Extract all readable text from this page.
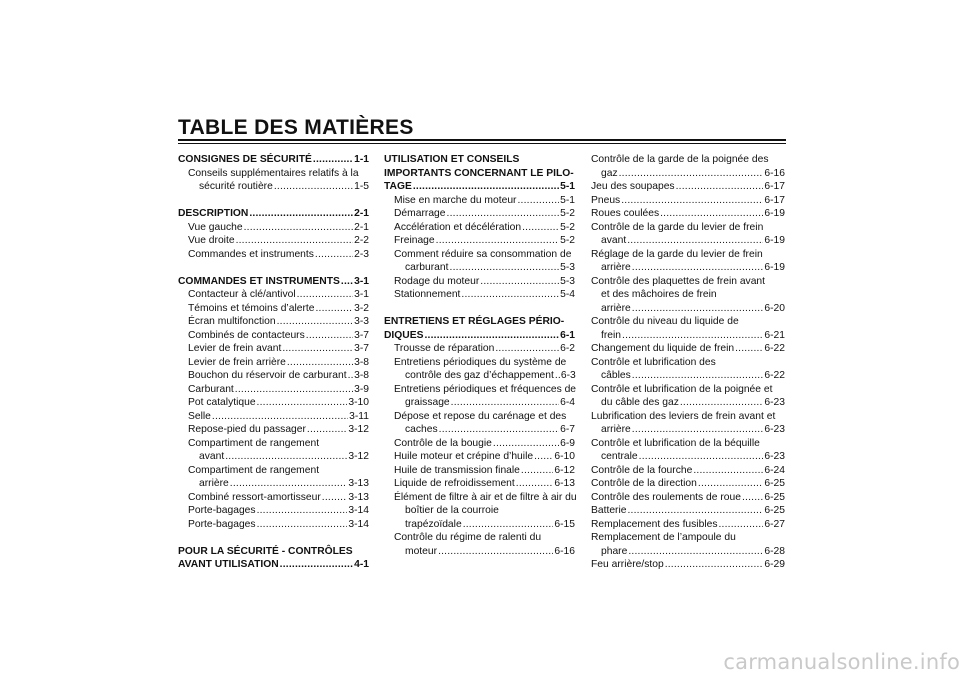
TABLE DES MATIÈRES
CONSIGNES DE SÉCURITÉ .....	1-1
Conseils supplémentaires relatifs à la
sécurité routière .....	1-5
DESCRIPTION .....	2-1
Vue gauche .....	2-1
Vue droite .....	2-2
Commandes et instruments .....	2-3
COMMANDES ET INSTRUMENTS ..... 3-1
Contacteur à clé/antivol .....	3-1
Témoins et témoins d’alerte .....	3-2
Écran multifonction .....	3-3
Combinés de contacteurs .....	3-7
Levier de frein avant .....	3-7
Levier de frein arrière .....	3-8
Bouchon du réservoir de carburant ..... 3-8
Carburant .....	3-9
Pot catalytique .....	3-10
Selle .....	3-11
Repose-pied du passager .....	3-12
Compartiment de rangement
avant .....	3-12
Compartiment de rangement
arrière .....	3-13
Combiné ressort-amortisseur .....	3-13
Porte-bagages .....	3-14
Porte-bagages .....	3-14
POUR LA SÉCURITÉ - CONTRÔLES
AVANT UTILISATION .....	4-1
UTILISATION ET CONSEILS
IMPORTANTS CONCERNANT LE PILO-
TAGE .....	5-1
Mise en marche du moteur .....	5-1
Démarrage .....	5-2
Accélération et décélération .....	5-2
Freinage .....	5-2
Comment réduire sa consommation de
carburant .....	5-3
Rodage du moteur .....	5-3
Stationnement .....	5-4
ENTRETIENS ET RÉGLAGES PÉRIO-
DIQUES .....	6-1
Trousse de réparation .....	6-2
Entretiens périodiques du système de
contrôle des gaz d’échappement ..... 6-3
Entretiens périodiques et fréquences de
graissage .....	6-4
Dépose et repose du carénage et des
caches .....	6-7
Contrôle de la bougie .....	6-9
Huile moteur et crépine d’huile ..... 6-10
Huile de transmission finale .....	6-12
Liquide de refroidissement .....	6-13
Élément de filtre à air et de filtre à air du
boîtier de la courroie
trapézoïdale .....	6-15
Contrôle du régime de ralenti du
moteur .....	6-16
Contrôle de la garde de la poignée des
gaz .....	6-16
Jeu des soupapes .....	6-17
Pneus .....	6-17
Roues coulées .....	6-19
Contrôle de la garde du levier de frein
avant .....	6-19
Réglage de la garde du levier de frein
arrière .....	6-19
Contrôle des plaquettes de frein avant
et des mâchoires de frein
arrière .....	6-20
Contrôle du niveau du liquide de
frein .....	6-21
Changement du liquide de frein .....	6-22
Contrôle et lubrification des
câbles .....	6-22
Contrôle et lubrification de la poignée et
du câble des gaz .....	6-23
Lubrification des leviers de frein avant et
arrière .....	6-23
Contrôle et lubrification de la béquille
centrale .....	6-23
Contrôle de la fourche .....	6-24
Contrôle de la direction .....	6-25
Contrôle des roulements de roue ..... 6-25
Batterie .....	6-25
Remplacement des fusibles .....	6-27
Remplacement de l’ampoule du
phare .....	6-28
Feu arrière/stop .....	6-29
carmanualsonline.info
